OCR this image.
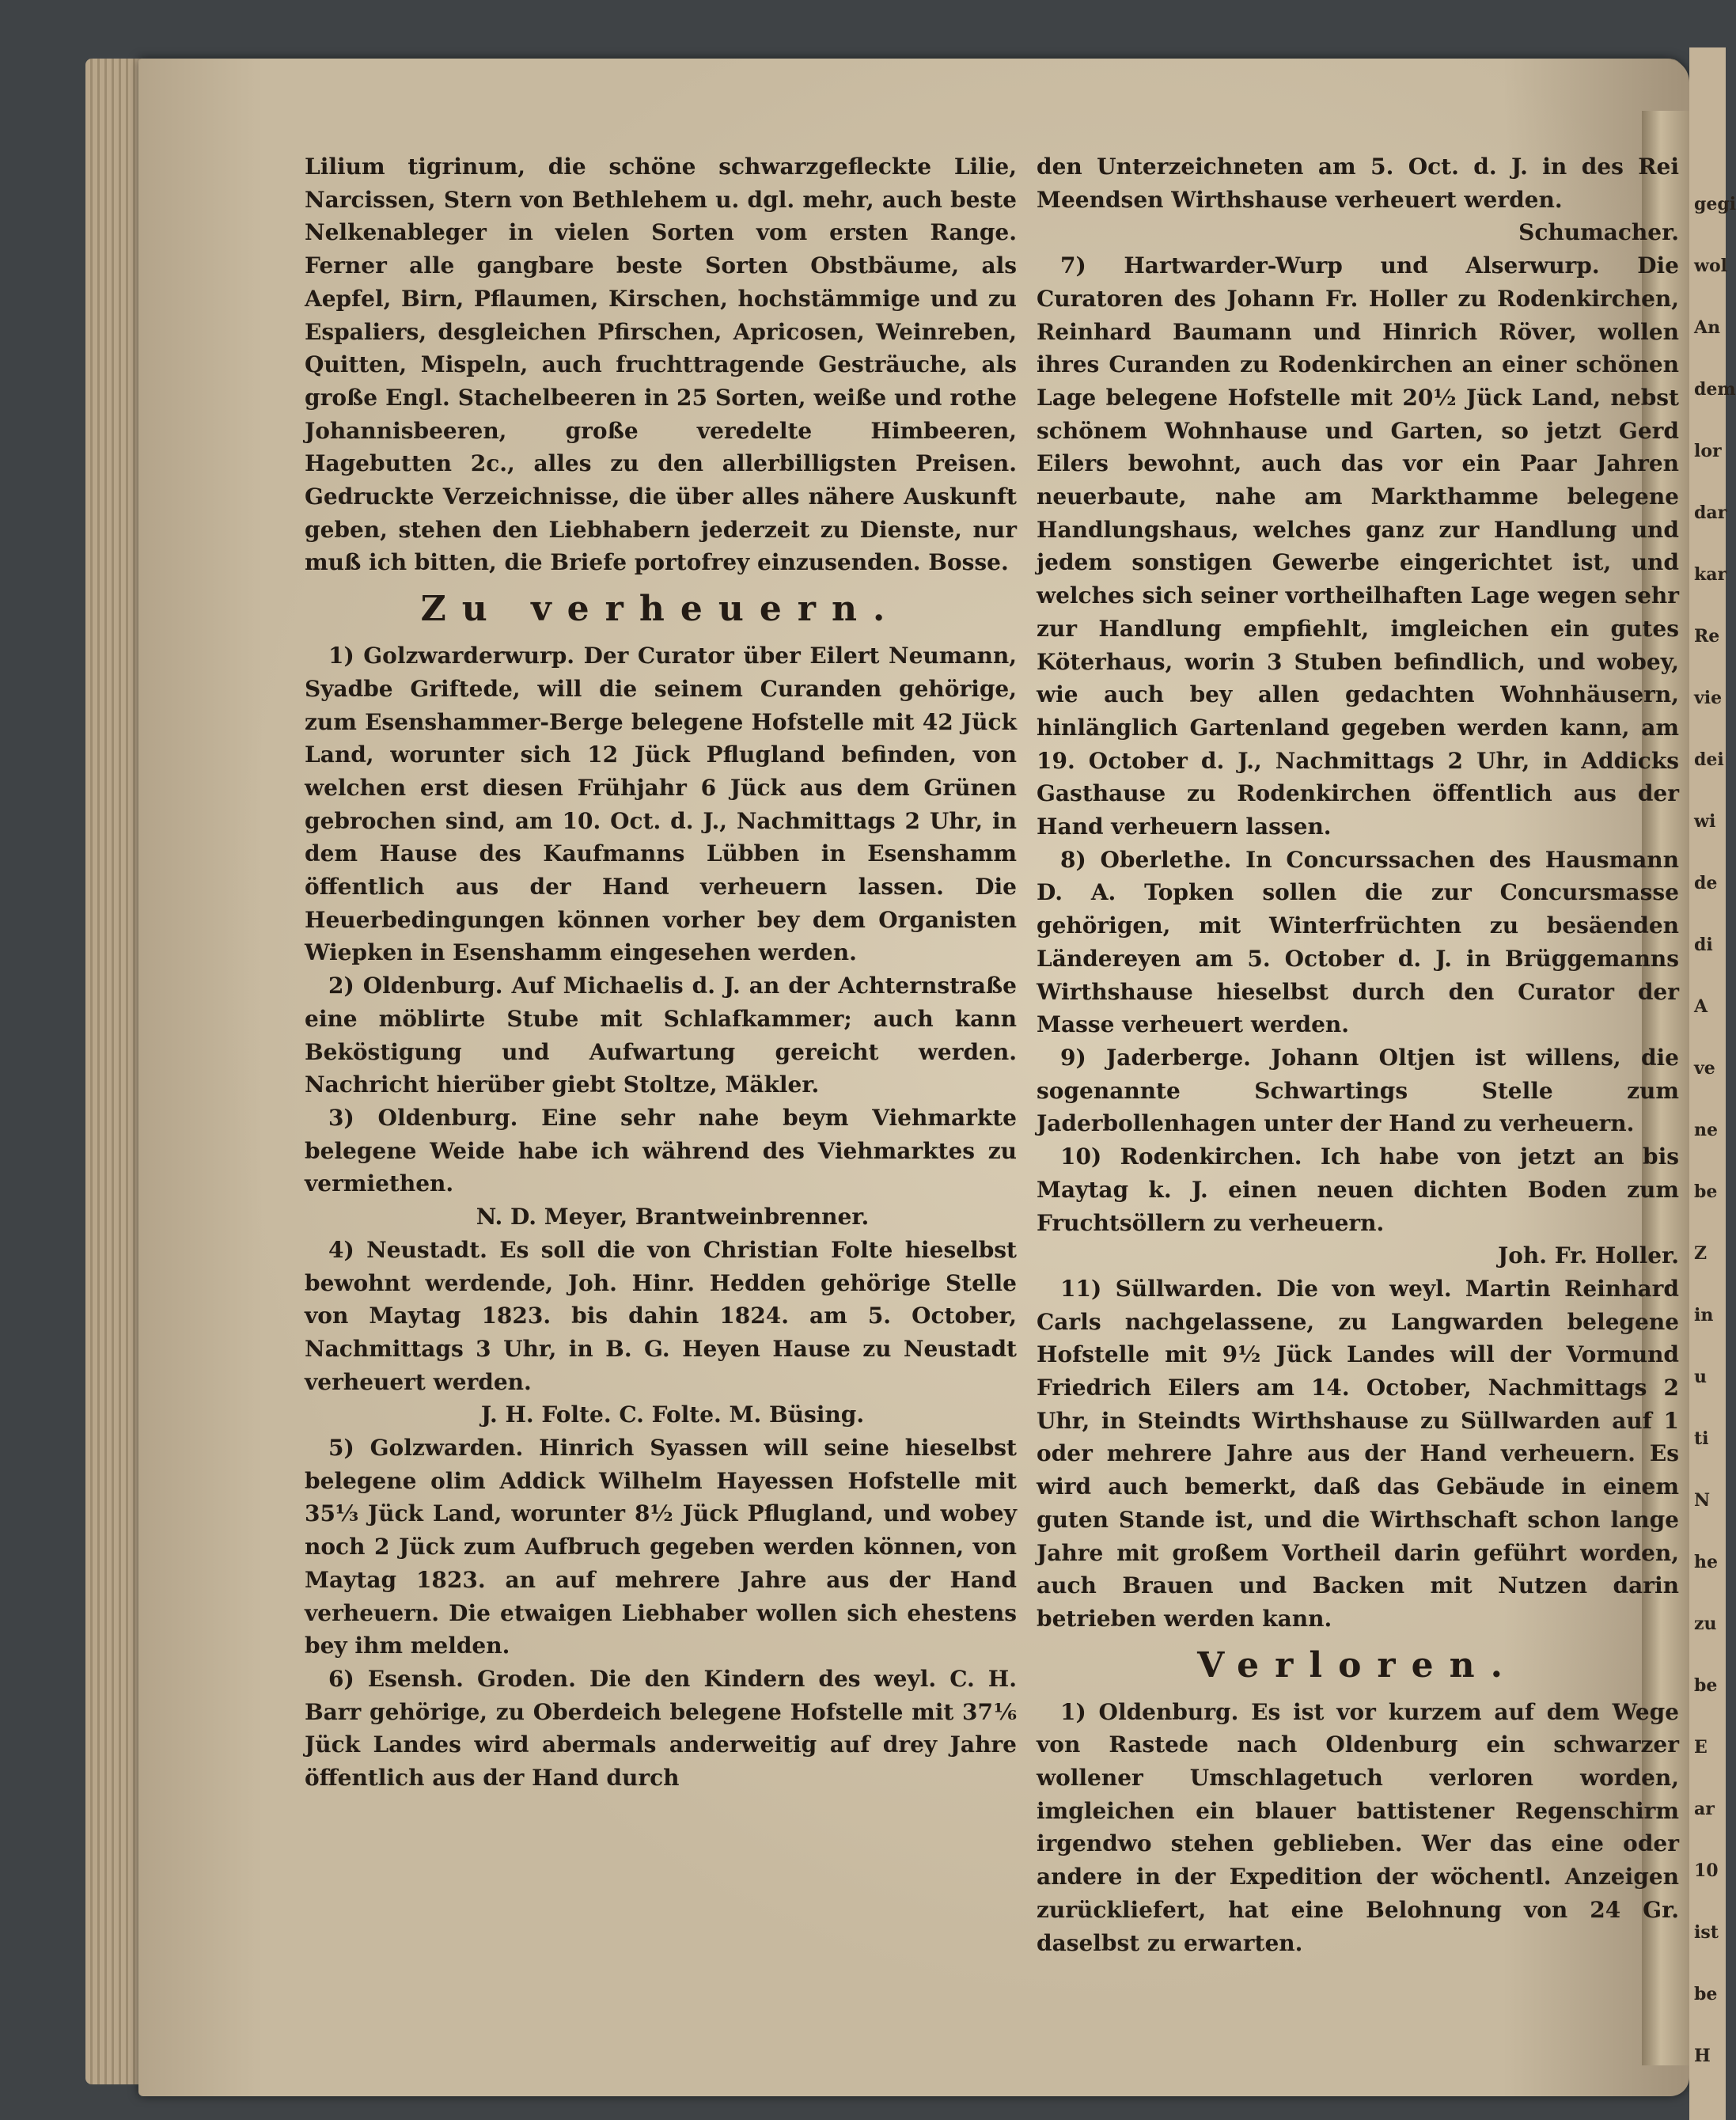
gegi
wol
An
dem
lor
dar
kar
Re
vie
dei
wi
de
di
A
ve
ne
be
Z
in
u
ti
N
he
zu
be
E
ar
10
ist
be
H

Lilium tigrinum, die schöne schwarzgefleckte Lilie, Narcissen, Stern von Bethlehem u. dgl. mehr, auch beste Nelkenableger in vielen Sorten vom ersten Range. Ferner alle gangbare beste Sorten Obstbäume, als Aepfel, Birn, Pflaumen, Kirschen, hochstämmige und zu Espaliers, desgleichen Pfirschen, Apricosen, Weinreben, Quitten, Mispeln, auch fruchttragende Gesträuche, als große Engl. Stachelbeeren in 25 Sorten, weiße und rothe Johannisbeeren, große veredelte Himbeeren, Hagebutten 2c., alles zu den allerbilligsten Preisen. Gedruckte Verzeichnisse, die über alles nähere Auskunft geben, stehen den Liebhabern jederzeit zu Dienste, nur muß ich bitten, die Briefe portofrey einzusenden. Bosse.

Zu verheuern.

1) Golzwarderwurp. Der Curator über Eilert Neumann, Syadbe Griftede, will die seinem Curanden gehörige, zum Esenshammer-Berge belegene Hofstelle mit 42 Jück Land, worunter sich 12 Jück Pflugland befinden, von welchen erst diesen Frühjahr 6 Jück aus dem Grünen gebrochen sind, am 10. Oct. d. J., Nachmittags 2 Uhr, in dem Hause des Kaufmanns Lübben in Esenshamm öffentlich aus der Hand verheuern lassen. Die Heuerbedingungen können vorher bey dem Organisten Wiepken in Esenshamm eingesehen werden.

2) Oldenburg. Auf Michaelis d. J. an der Achternstraße eine möblirte Stube mit Schlafkammer; auch kann Beköstigung und Aufwartung gereicht werden. Nachricht hierüber giebt Stoltze, Mäkler.

3) Oldenburg. Eine sehr nahe beym Viehmarkte belegene Weide habe ich während des Viehmarktes zu vermiethen.

N. D. Meyer, Brantweinbrenner.

4) Neustadt. Es soll die von Christian Folte hieselbst bewohnt werdende, Joh. Hinr. Hedden gehörige Stelle von Maytag 1823. bis dahin 1824. am 5. October, Nachmittags 3 Uhr, in B. G. Heyen Hause zu Neustadt verheuert werden.

J. H. Folte. C. Folte. M. Büsing.

5) Golzwarden. Hinrich Syassen will seine hieselbst belegene olim Addick Wilhelm Hayessen Hofstelle mit 35⅓ Jück Land, worunter 8½ Jück Pflugland, und wobey noch 2 Jück zum Aufbruch gegeben werden können, von Maytag 1823. an auf mehrere Jahre aus der Hand verheuern. Die etwaigen Liebhaber wollen sich ehestens bey ihm melden.

6) Esensh. Groden. Die den Kindern des weyl. C. H. Barr gehörige, zu Oberdeich belegene Hofstelle mit 37⅙ Jück Landes wird abermals anderweitig auf drey Jahre öffentlich aus der Hand durch

den Unterzeichneten am 5. Oct. d. J. in des Rei Meendsen Wirthshause verheuert werden.

Schumacher.

7) Hartwarder-Wurp und Alserwurp. Die Curatoren des Johann Fr. Holler zu Rodenkirchen, Reinhard Baumann und Hinrich Röver, wollen ihres Curanden zu Rodenkirchen an einer schönen Lage belegene Hofstelle mit 20½ Jück Land, nebst schönem Wohnhause und Garten, so jetzt Gerd Eilers bewohnt, auch das vor ein Paar Jahren neuerbaute, nahe am Markthamme belegene Handlungshaus, welches ganz zur Handlung und jedem sonstigen Gewerbe eingerichtet ist, und welches sich seiner vortheilhaften Lage wegen sehr zur Handlung empfiehlt, imgleichen ein gutes Köterhaus, worin 3 Stuben befindlich, und wobey, wie auch bey allen gedachten Wohnhäusern, hinlänglich Gartenland gegeben werden kann, am 19. October d. J., Nachmittags 2 Uhr, in Addicks Gasthause zu Rodenkirchen öffentlich aus der Hand verheuern lassen.

8) Oberlethe. In Concurssachen des Hausmann D. A. Topken sollen die zur Concursmasse gehörigen, mit Winterfrüchten zu besäenden Ländereyen am 5. October d. J. in Brüggemanns Wirthshause hieselbst durch den Curator der Masse verheuert werden.

9) Jaderberge. Johann Oltjen ist willens, die sogenannte Schwartings Stelle zum Jaderbollenhagen unter der Hand zu verheuern.

10) Rodenkirchen. Ich habe von jetzt an bis Maytag k. J. einen neuen dichten Boden zum Fruchtsöllern zu verheuern.

Joh. Fr. Holler.

11) Süllwarden. Die von weyl. Martin Reinhard Carls nachgelassene, zu Langwarden belegene Hofstelle mit 9½ Jück Landes will der Vormund Friedrich Eilers am 14. October, Nachmittags 2 Uhr, in Steindts Wirthshause zu Süllwarden auf 1 oder mehrere Jahre aus der Hand verheuern. Es wird auch bemerkt, daß das Gebäude in einem guten Stande ist, und die Wirthschaft schon lange Jahre mit großem Vortheil darin geführt worden, auch Brauen und Backen mit Nutzen darin betrieben werden kann.

Verloren.

1) Oldenburg. Es ist vor kurzem auf dem Wege von Rastede nach Oldenburg ein schwarzer wollener Umschlagetuch verloren worden, imgleichen ein blauer battistener Regenschirm irgendwo stehen geblieben. Wer das eine oder andere in der Expedition der wöchentl. Anzeigen zurückliefert, hat eine Belohnung von 24 Gr. daselbst zu erwarten.
